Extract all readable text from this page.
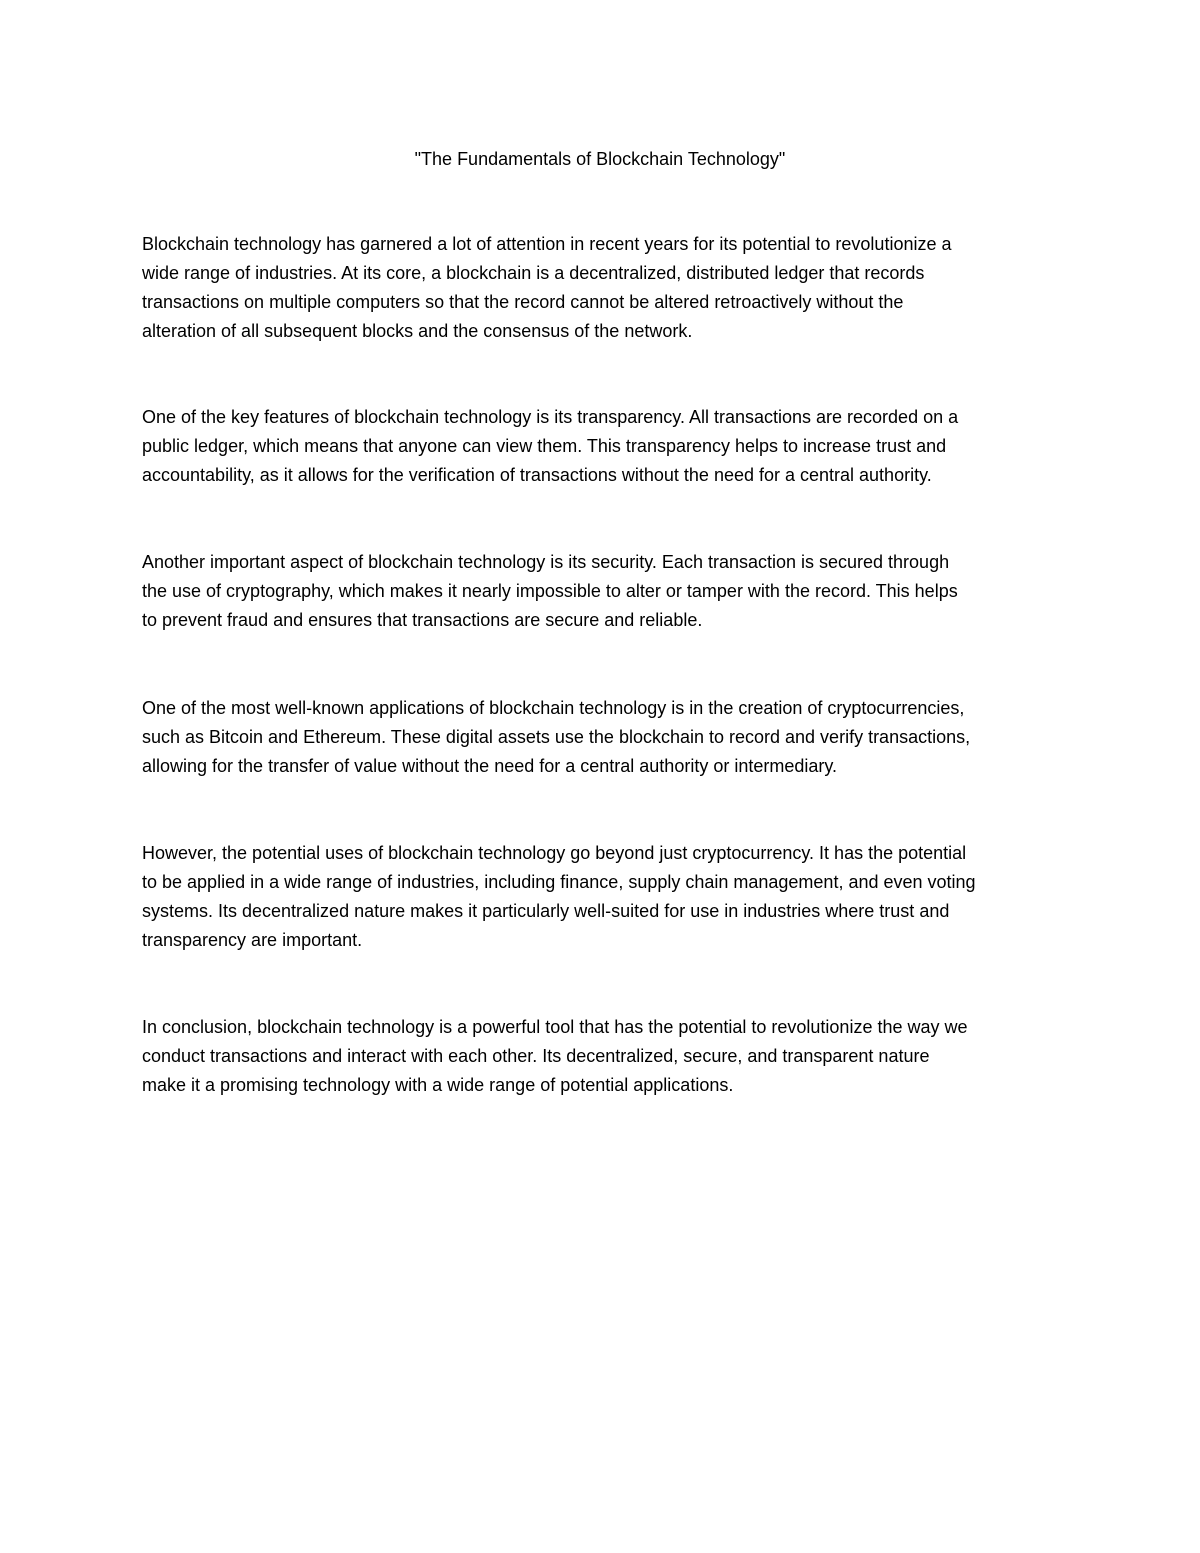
"The Fundamentals of Blockchain Technology"

Blockchain technology has garnered a lot of attention in recent years for its potential to revolutionize a
wide range of industries. At its core, a blockchain is a decentralized, distributed ledger that records
transactions on multiple computers so that the record cannot be altered retroactively without the
alteration of all subsequent blocks and the consensus of the network.

One of the key features of blockchain technology is its transparency. All transactions are recorded on a
public ledger, which means that anyone can view them. This transparency helps to increase trust and
accountability, as it allows for the verification of transactions without the need for a central authority.

Another important aspect of blockchain technology is its security. Each transaction is secured through
the use of cryptography, which makes it nearly impossible to alter or tamper with the record. This helps
to prevent fraud and ensures that transactions are secure and reliable.

One of the most well-known applications of blockchain technology is in the creation of cryptocurrencies,
such as Bitcoin and Ethereum. These digital assets use the blockchain to record and verify transactions,
allowing for the transfer of value without the need for a central authority or intermediary.

However, the potential uses of blockchain technology go beyond just cryptocurrency. It has the potential
to be applied in a wide range of industries, including finance, supply chain management, and even voting
systems. Its decentralized nature makes it particularly well-suited for use in industries where trust and
transparency are important.

In conclusion, blockchain technology is a powerful tool that has the potential to revolutionize the way we
conduct transactions and interact with each other. Its decentralized, secure, and transparent nature
make it a promising technology with a wide range of potential applications.
